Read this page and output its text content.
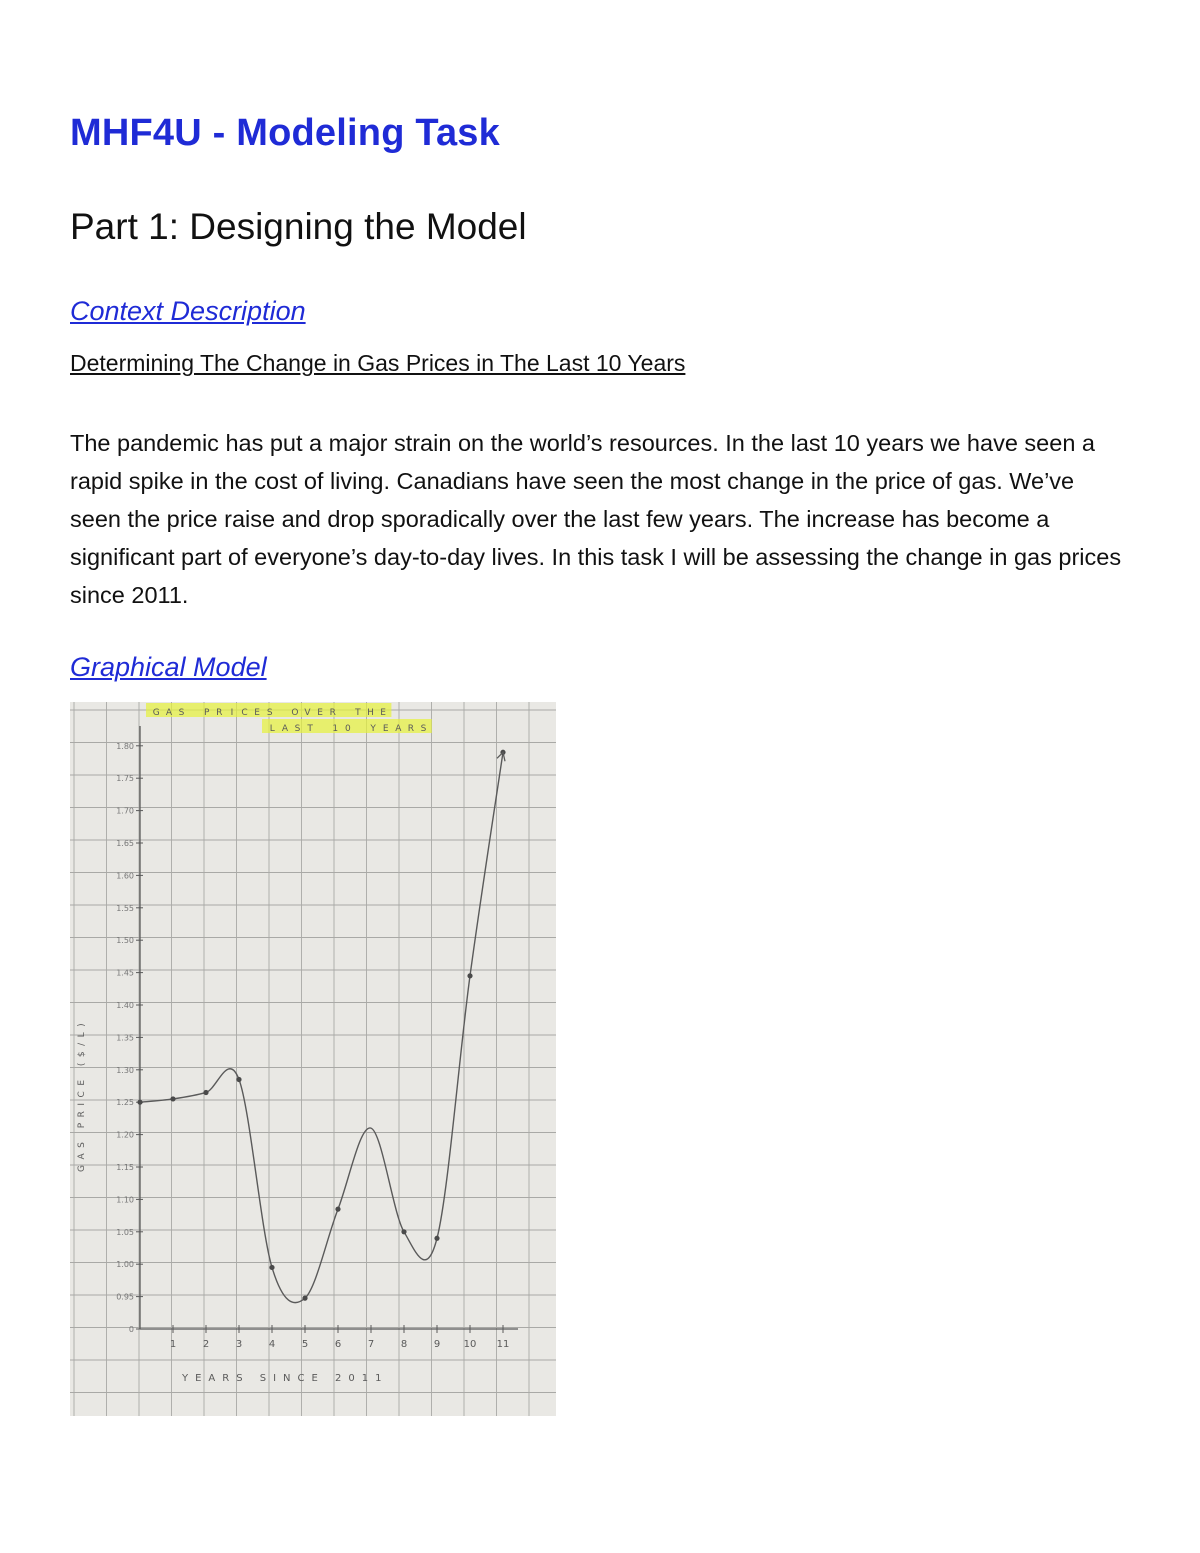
MHF4U - Modeling Task
Part 1: Designing the Model

Context Description

Determining The Change in Gas Prices in The Last 10 Years

The pandemic has put a major strain on the world’s resources. In the last 10 years we have seen a rapid spike in the cost of living. Canadians have seen the most change in the price of gas. We’ve seen the price raise and drop sporadically over the last few years. The increase has become a significant part of everyone’s day-to-day lives. In this task I will be assessing the change in gas prices since 2011.

Graphical Model

G A S P R I C E S O V E R T H E
L A S T 1 0 Y E A R S
0
0.95
1.00
1.05
1.10
1.15
1.20
1.25
1.30
1.35
1.40
1.45
1.50
1.55
1.60
1.65
1.70
1.75
1.80
1	2	3	4	5	6	7	8	9 10 11
GAS PRICE ($/L)
YEARS SINCE 2011
